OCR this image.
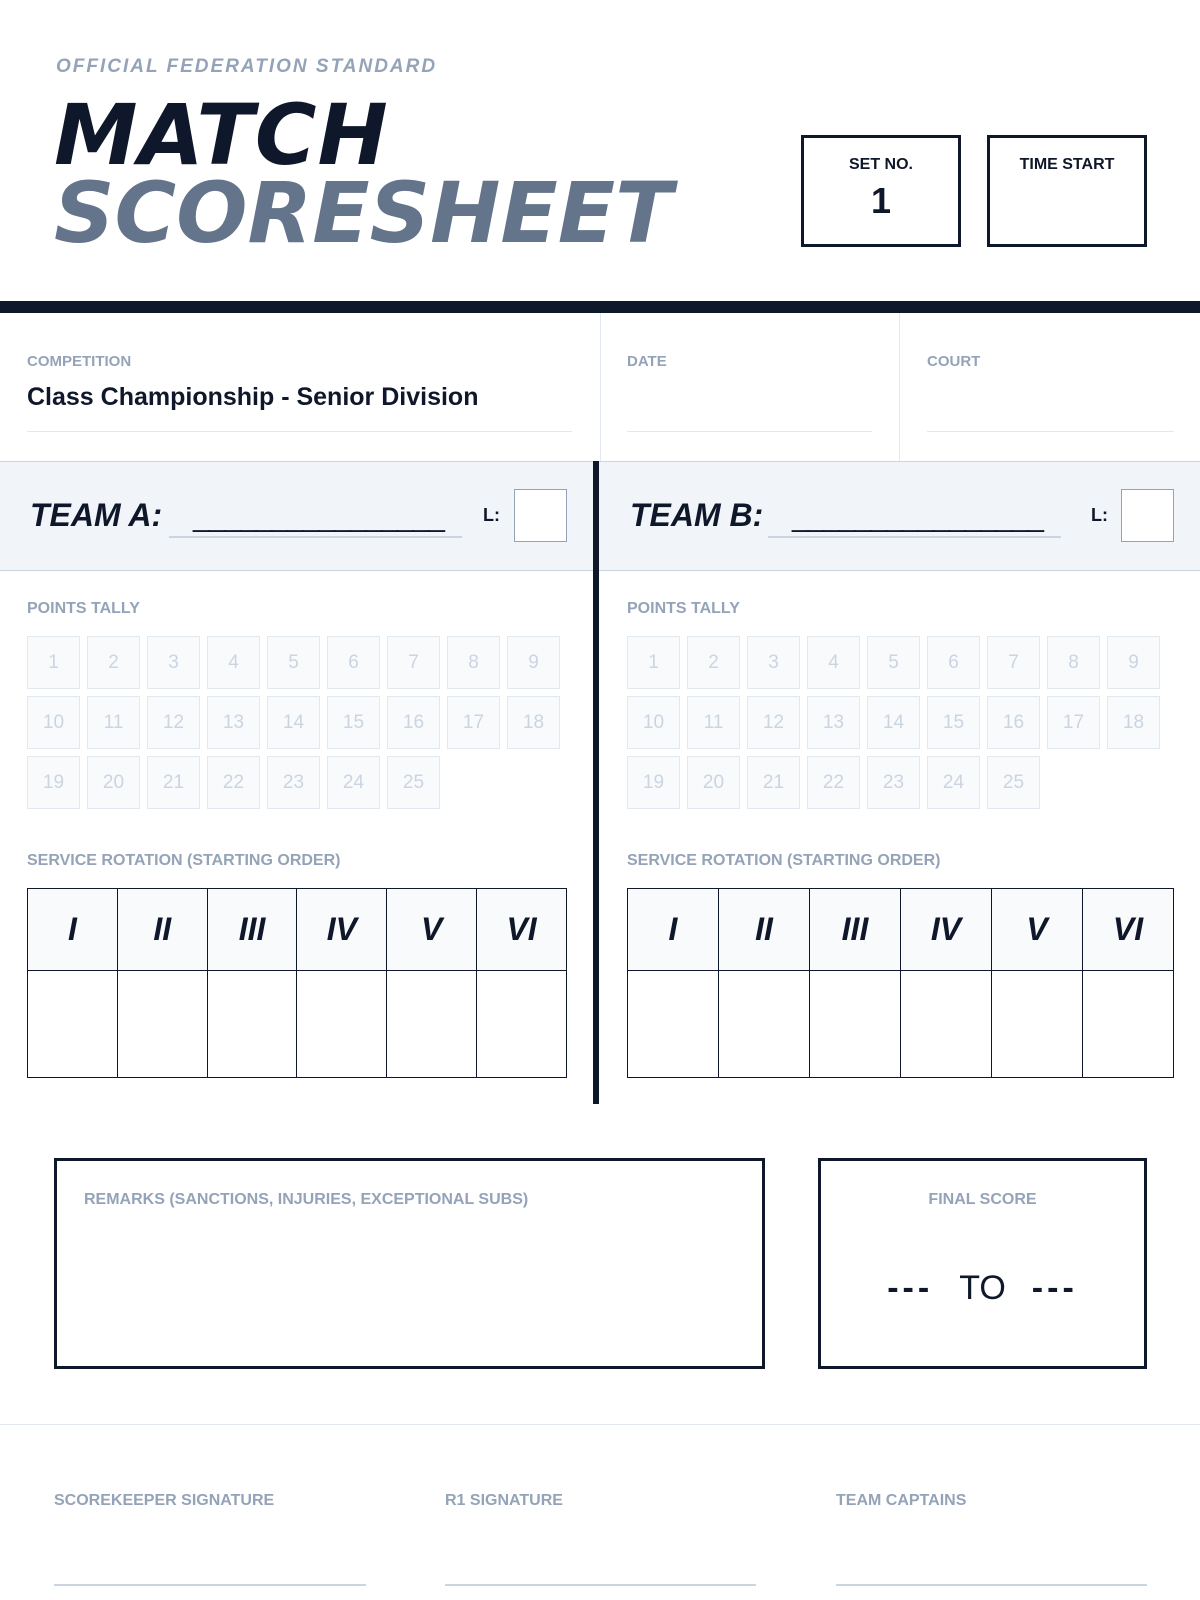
OFFICIAL FEDERATION STANDARD
MATCH
SCORESHEET	SET NO.
1
TIME START
COMPETITION
Class Championship - Senior Division
DATE	COURT
TEAM A:	________________	L:	TEAM B: ________________	L:
POINTS TALLY
1	2	3	4	5	6	7	8	9
10	11	12	13	14	15	16	17	18
19	20	21	22	23	24	25
SERVICE ROTATION (STARTING ORDER)
I	II	III	IV	V	VI

POINTS TALLY
1	2	3	4	5	6	7	8	9
10	11	12	13	14	15	16	17	18
19	20	21	22	23	24	25
SERVICE ROTATION (STARTING ORDER)
I	II	III	IV	V	VI

REMARKS (SANCTIONS, INJURIES, EXCEPTIONAL SUBS)	FINAL SCORE
--- TO ---
SCOREKEEPER SIGNATURE	R1 SIGNATURE	TEAM CAPTAINS
